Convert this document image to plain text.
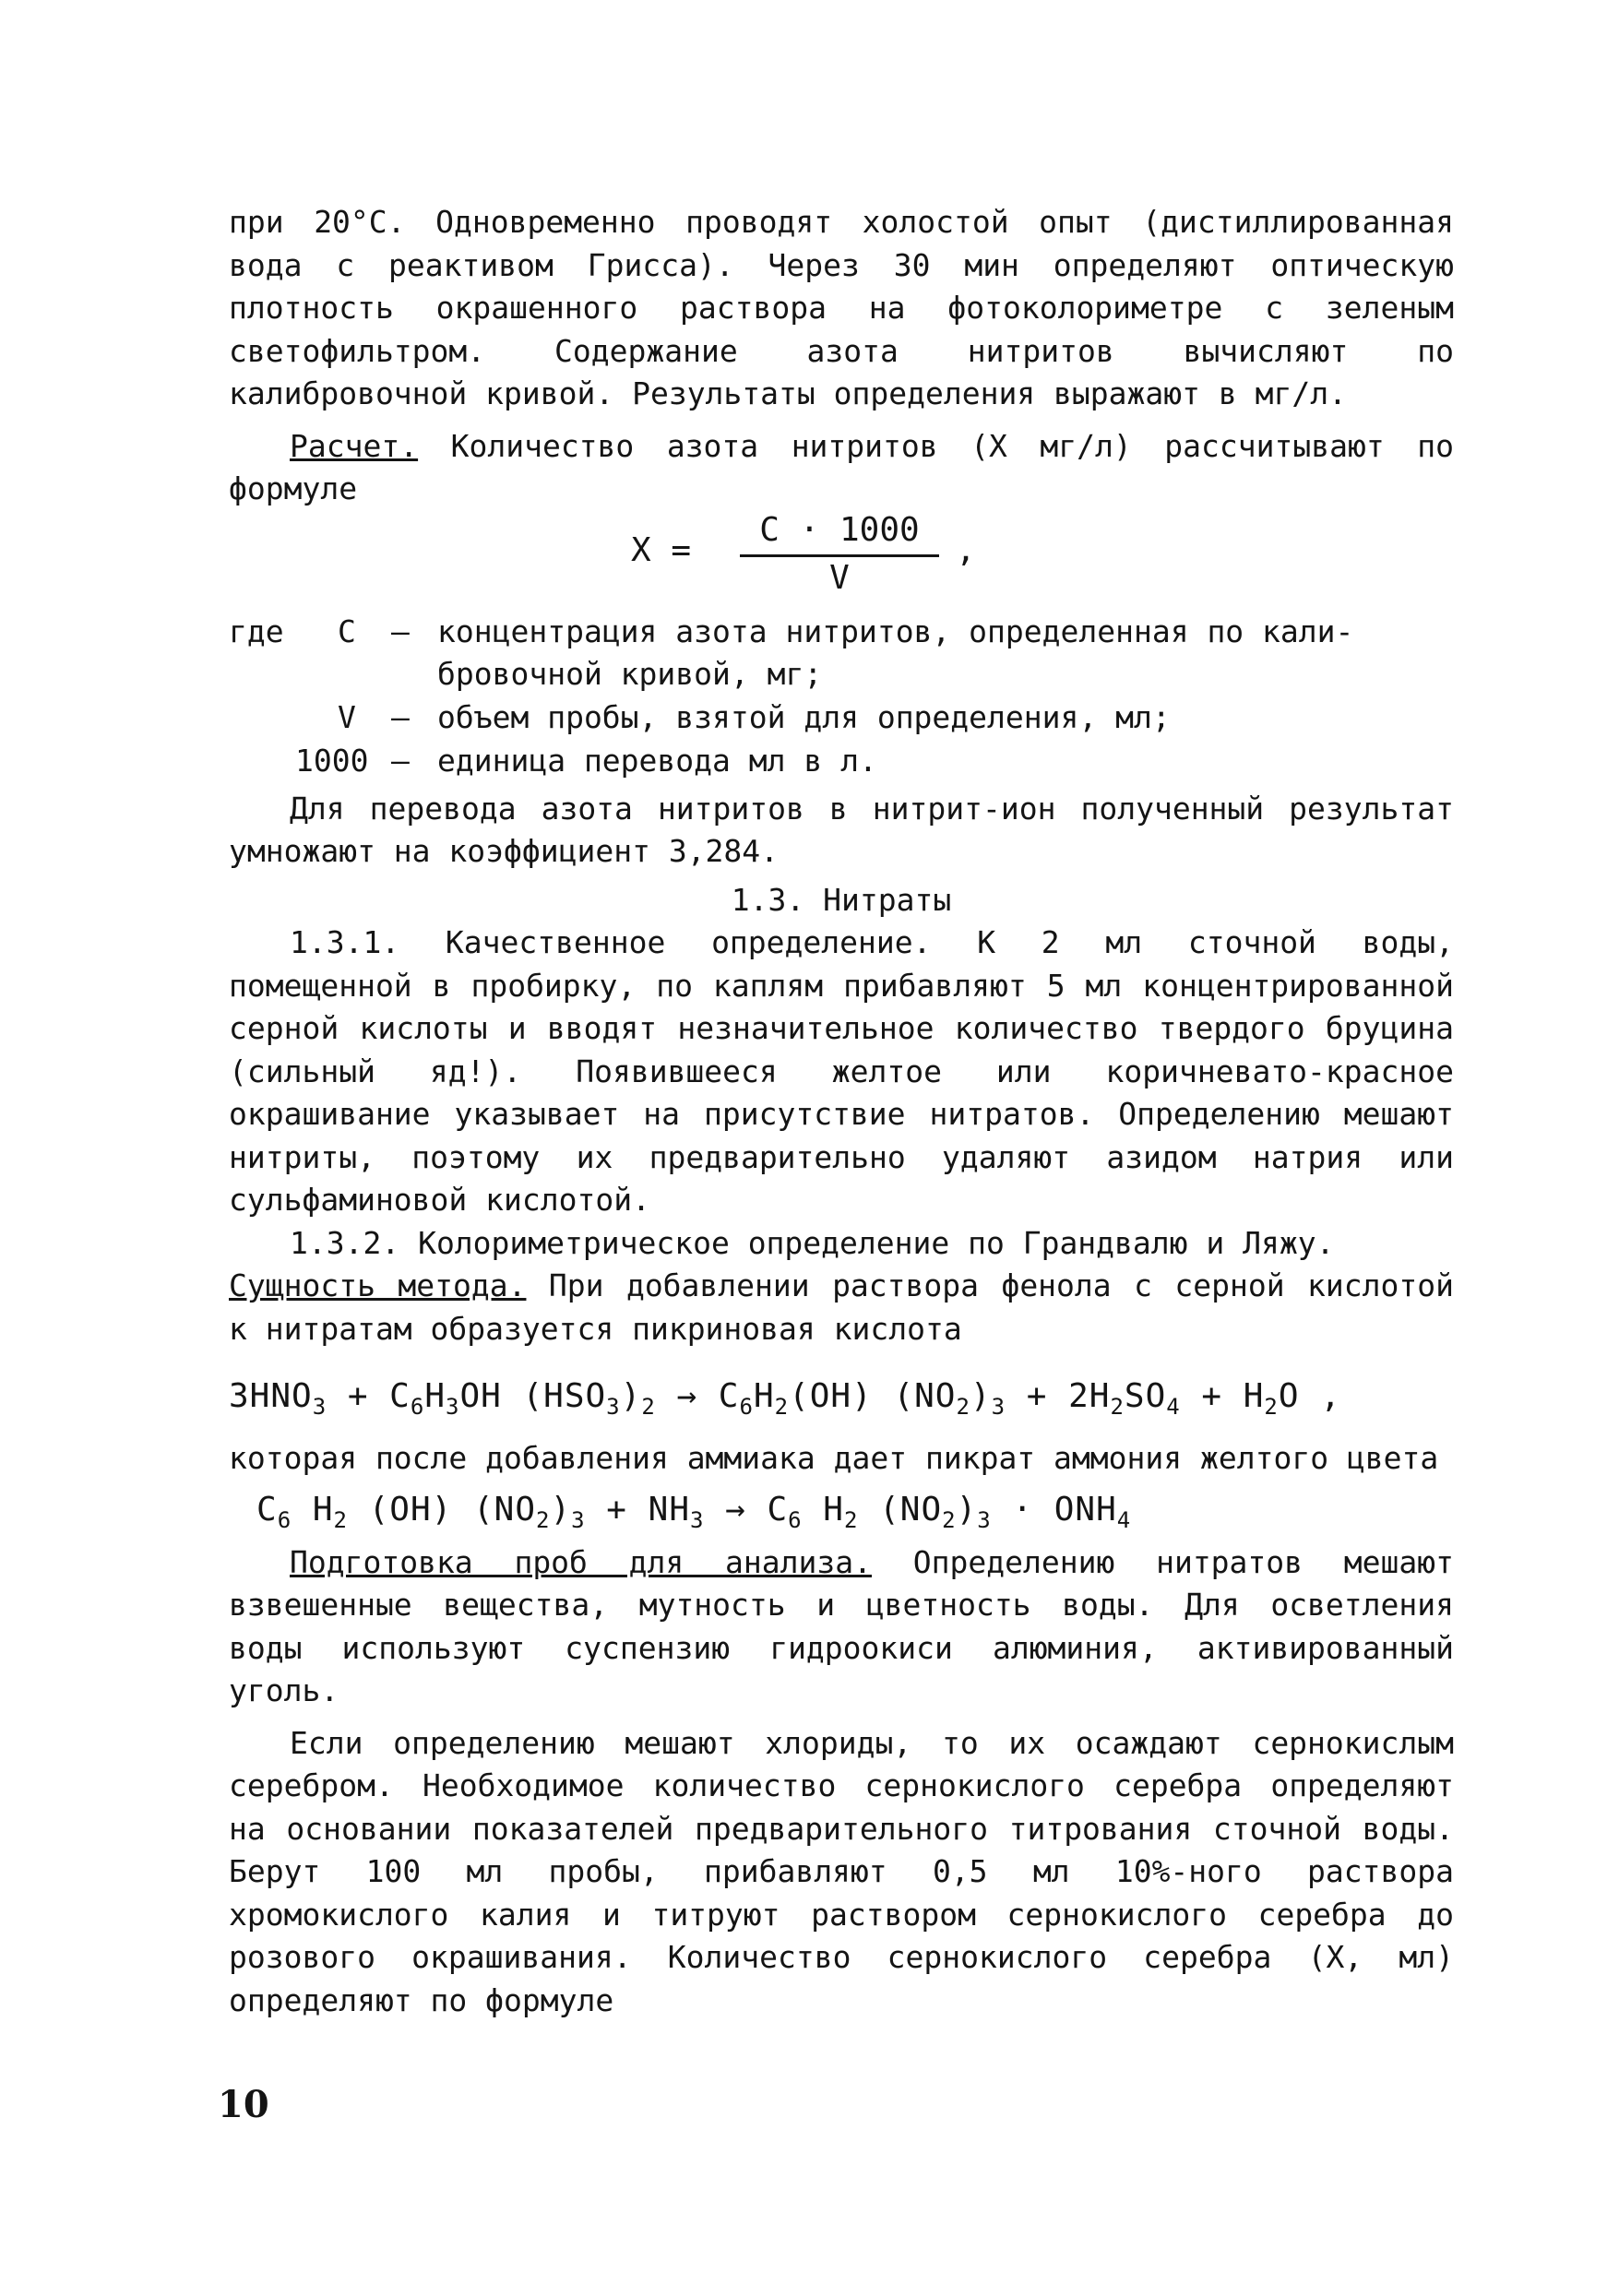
при 20°С. Одновременно проводят холостой опыт (дистиллированная вода с реактивом Грисса). Через 30 мин определяют оптическую плотность окрашенного раствора на фотоколориметре с зеленым светофильтром. Содержание азота нитритов вычисляют по калибровочной кривой. Результаты определения выражают в мг/л.

Расчет. Количество азота нитритов (X мг/л) рассчитывают по формуле

X =
С · 1000
V
,
где С – концентрация азота нитритов, определенная по кали-
бровочной кривой, мг;
V – объем пробы, взятой для определения, мл;
1000 – единица перевода мл в л.

Для перевода азота нитритов в нитрит-ион полученный результат умножают на коэффициент 3,284.

1.3. Нитраты

1.3.1. Качественное определение. К 2 мл сточной воды, помещенной в пробирку, по каплям прибавляют 5 мл концентрированной серной кислоты и вводят незначительное количество твердого бруцина (сильный яд!). Появившееся желтое или коричневато-красное окрашивание указывает на присутствие нитратов. Определению мешают нитриты, поэтому их предварительно удаляют азидом натрия или сульфаминовой кислотой.

1.3.2. Колориметрическое определение по Грандвалю и Ляжу.

Сущность метода. При добавлении раствора фенола с серной кислотой к нитратам образуется пикриновая кислота

$3HNO_3 + C_6H_3OH$ $(HSO_3)_2 \to C_6H_2(OH) (NO_2)_3 + 2H_2SO_4 + H_2O$ ,

которая после добавления аммиака дает пикрат аммония желтого цвета

$C_6$ $H_2$ (OH) $(NO_2)_3 + NH_3 \to C_6$ $H_2$ $(NO_2)_3 \cdot ONH_4$

Подготовка проб для анализа. Определению нитратов мешают взвешенные вещества, мутность и цветность воды. Для осветления воды используют суспензию гидроокиси алюминия, активированный уголь.

Если определению мешают хлориды, то их осаждают сернокислым серебром. Необходимое количество сернокислого серебра определяют на основании показателей предварительного титрования сточной воды. Берут 100 мл пробы, прибавляют 0,5 мл 10%-ного раствора хромокислого калия и титруют раствором сернокислого серебра до розового окрашивания. Количество сернокислого серебра (X, мл) определяют по формуле

10
